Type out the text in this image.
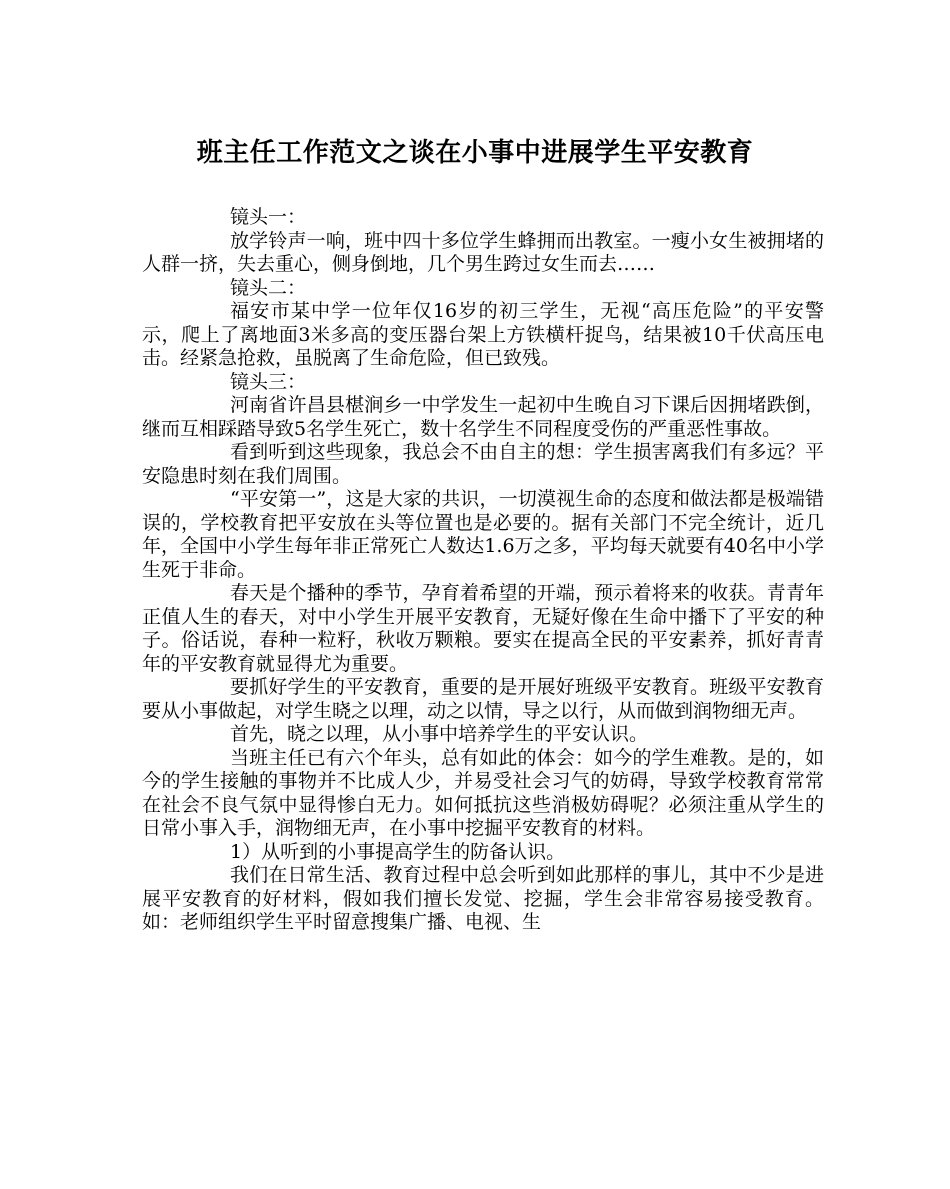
班主任工作范文之谈在小事中进展学生平安教育

镜头一：

放学铃声一响，班中四十多位学生蜂拥而出教室。一瘦小女生被拥堵的人群一挤，失去重心，侧身倒地，几个男生跨过女生而去……

镜头二：

福安市某中学一位年仅16岁的初三学生，无视“高压危险”的平安警示，爬上了离地面3米多高的变压器台架上方铁横杆捉鸟，结果被10千伏高压电击。经紧急抢救，虽脱离了生命危险，但已致残。

镜头三：

河南省许昌县椹涧乡一中学发生一起初中生晚自习下课后因拥堵跌倒，继而互相踩踏导致5名学生死亡，数十名学生不同程度受伤的严重恶性事故。

看到听到这些现象，我总会不由自主的想：学生损害离我们有多远？平安隐患时刻在我们周围。

“平安第一”，这是大家的共识，一切漠视生命的态度和做法都是极端错误的，学校教育把平安放在头等位置也是必要的。据有关部门不完全统计，近几年，全国中小学生每年非正常死亡人数达1.6万之多，平均每天就要有40名中小学生死于非命。

春天是个播种的季节，孕育着希望的开端，预示着将来的收获。青青年正值人生的春天，对中小学生开展平安教育，无疑好像在生命中播下了平安的种子。俗话说，春种一粒籽，秋收万颗粮。要实在提高全民的平安素养，抓好青青年的平安教育就显得尤为重要。

要抓好学生的平安教育，重要的是开展好班级平安教育。班级平安教育要从小事做起，对学生晓之以理，动之以情，导之以行，从而做到润物细无声。

首先，晓之以理，从小事中培养学生的平安认识。

当班主任已有六个年头，总有如此的体会：如今的学生难教。是的，如今的学生接触的事物并不比成人少，并易受社会习气的妨碍，导致学校教育常常在社会不良气氛中显得惨白无力。如何抵抗这些消极妨碍呢？必须注重从学生的日常小事入手，润物细无声，在小事中挖掘平安教育的材料。

1）从听到的小事提高学生的防备认识。

我们在日常生活、教育过程中总会听到如此那样的事儿，其中不少是进展平安教育的好材料，假如我们擅长发觉、挖掘，学生会非常容易接受教育。如：老师组织学生平时留意搜集广播、电视、生
